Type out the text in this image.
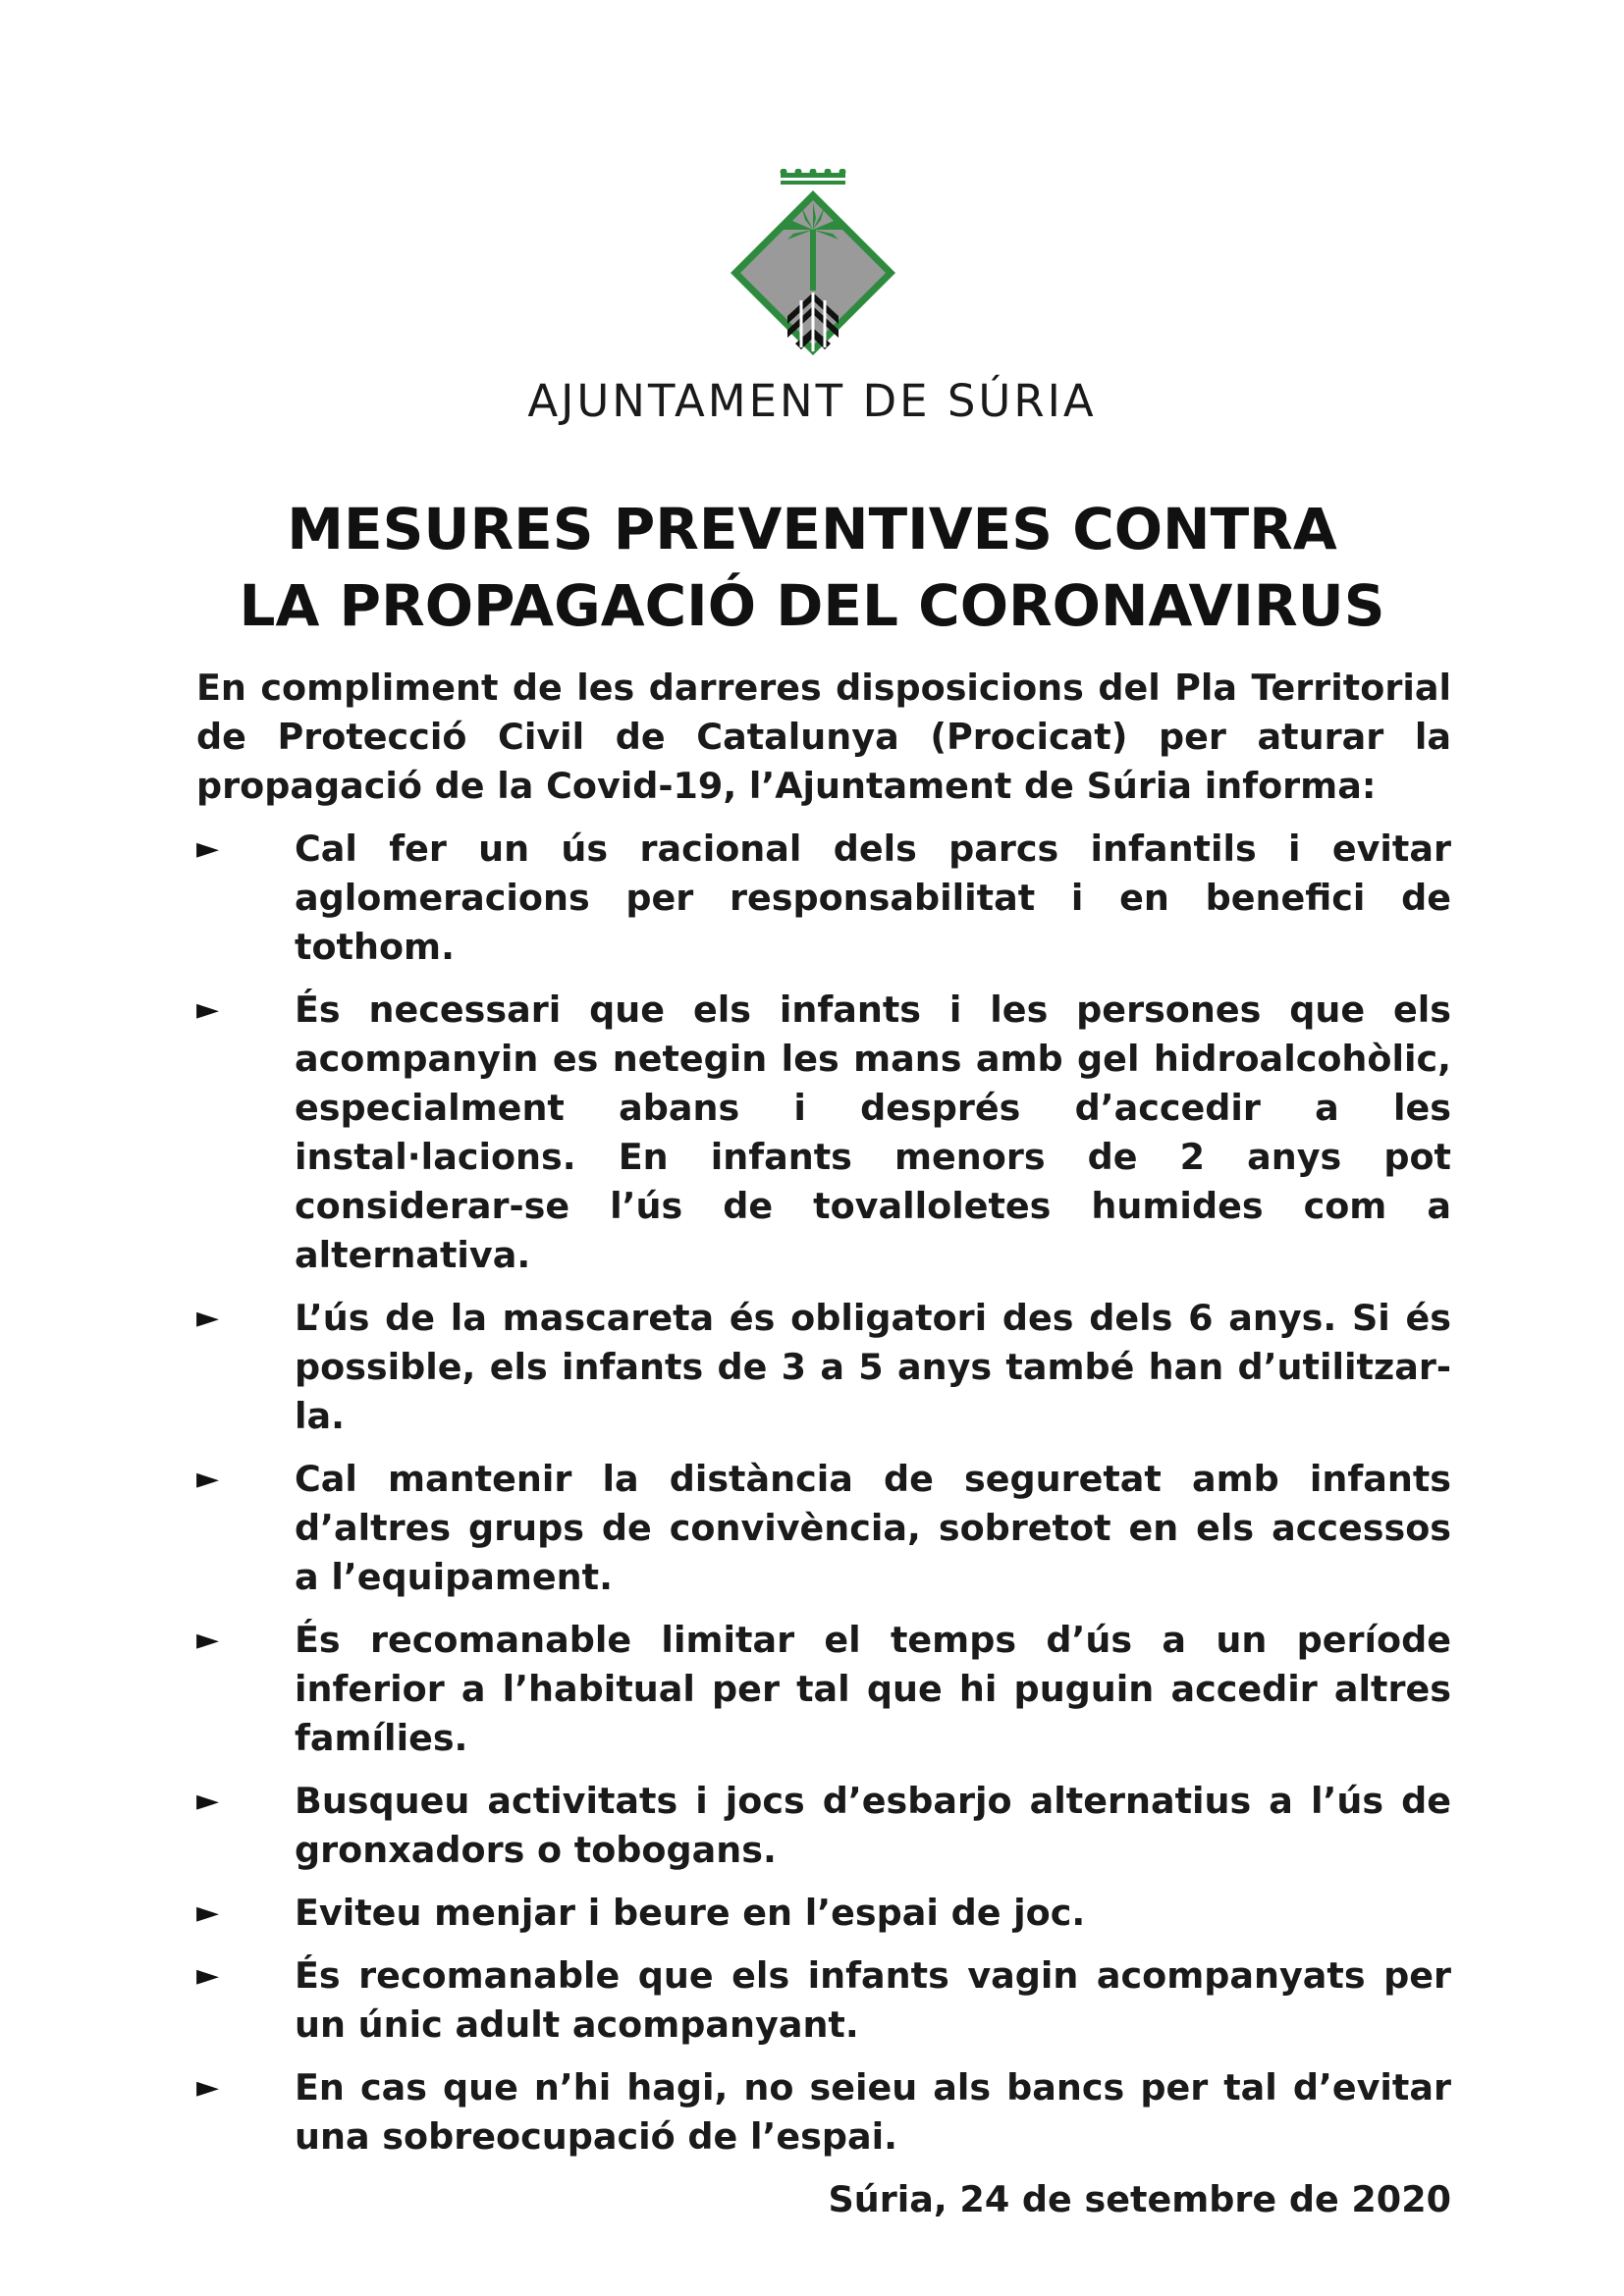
AJUNTAMENT DE SÚRIA
MESURES PREVENTIVES CONTRA
LA PROPAGACIÓ DEL CORONAVIRUS

En compliment de les darreres disposicions del Pla Territorial de Protecció Civil de Catalunya (Procicat) per aturar la propagació de la Covid-19, l’Ajuntament de Súria informa:

► Cal fer un ús racional dels parcs infantils i evitar aglomeracions per responsabilitat i en benefici de tothom.
► És necessari que els infants i les persones que els acompanyin es netegin les mans amb gel hidroalcohòlic, especialment abans i després d’accedir a les instal·lacions. En infants menors de 2 anys pot considerar-se l’ús de tovalloletes humides com a alternativa.
► L’ús de la mascareta és obligatori des dels 6 anys. Si és possible, els infants de 3 a 5 anys també han d’utilitzar-la.
► Cal mantenir la distància de seguretat amb infants d’altres grups de convivència, sobretot en els accessos a l’equipament.
► És recomanable limitar el temps d’ús a un període inferior a l’habitual per tal que hi puguin accedir altres famílies.
► Busqueu activitats i jocs d’esbarjo alternatius a l’ús de gronxadors o tobogans.
► Eviteu menjar i beure en l’espai de joc.
► És recomanable que els infants vagin acompanyats per un únic adult acompanyant.
► En cas que n’hi hagi, no seieu als bancs per tal d’evitar una sobreocupació de l’espai.
Súria, 24 de setembre de 2020
